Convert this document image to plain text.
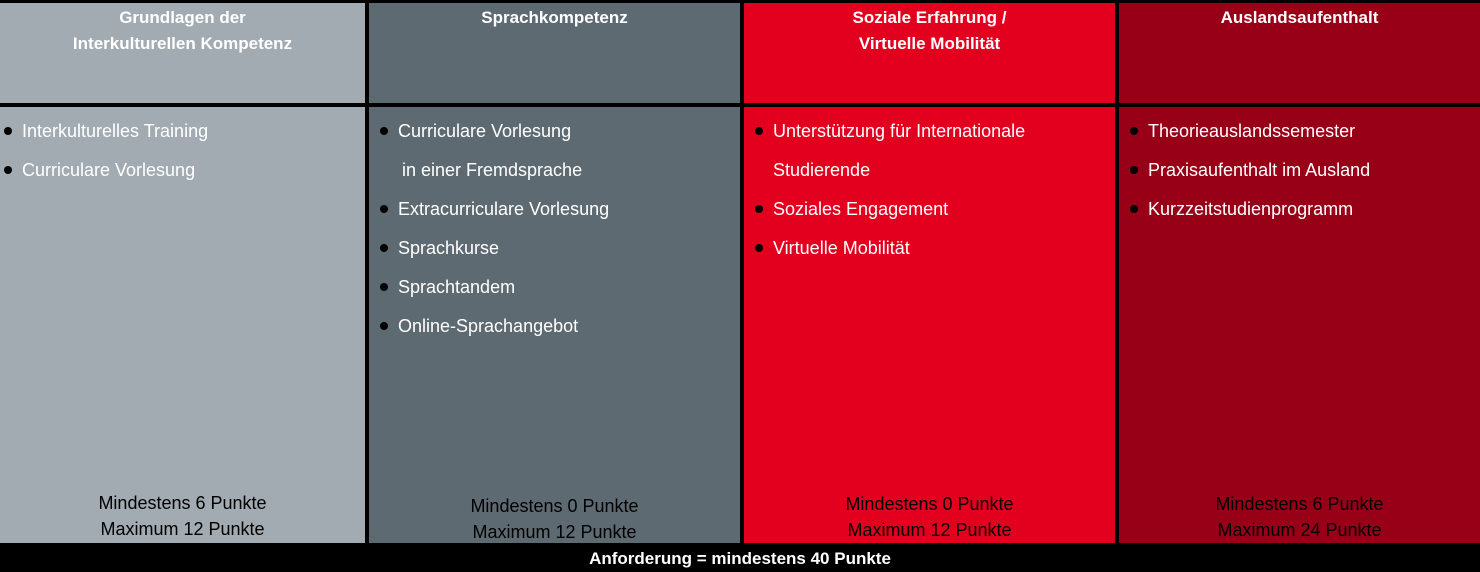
Grundlagen der
Interkulturellen Kompetenz
Interkulturelles Training
Curriculare Vorlesung
Mindestens 6 Punkte
Maximum 12 Punkte
Sprachkompetenz
Curriculare Vorlesung
in einer Fremdsprache
Extracurriculare Vorlesung
Sprachkurse
Sprachtandem
Online-Sprachangebot
Mindestens 0 Punkte
Maximum 12 Punkte
Soziale Erfahrung /
Virtuelle Mobilität
Unterstützung für Internationale
Studierende
Soziales Engagement
Virtuelle Mobilität
Mindestens 0 Punkte
Maximum 12 Punkte
Auslandsaufenthalt
Theorieauslandssemester
Praxisaufenthalt im Ausland
Kurzzeitstudienprogramm
Mindestens 6 Punkte
Maximum 24 Punkte
Anforderung = mindestens 40 Punkte
